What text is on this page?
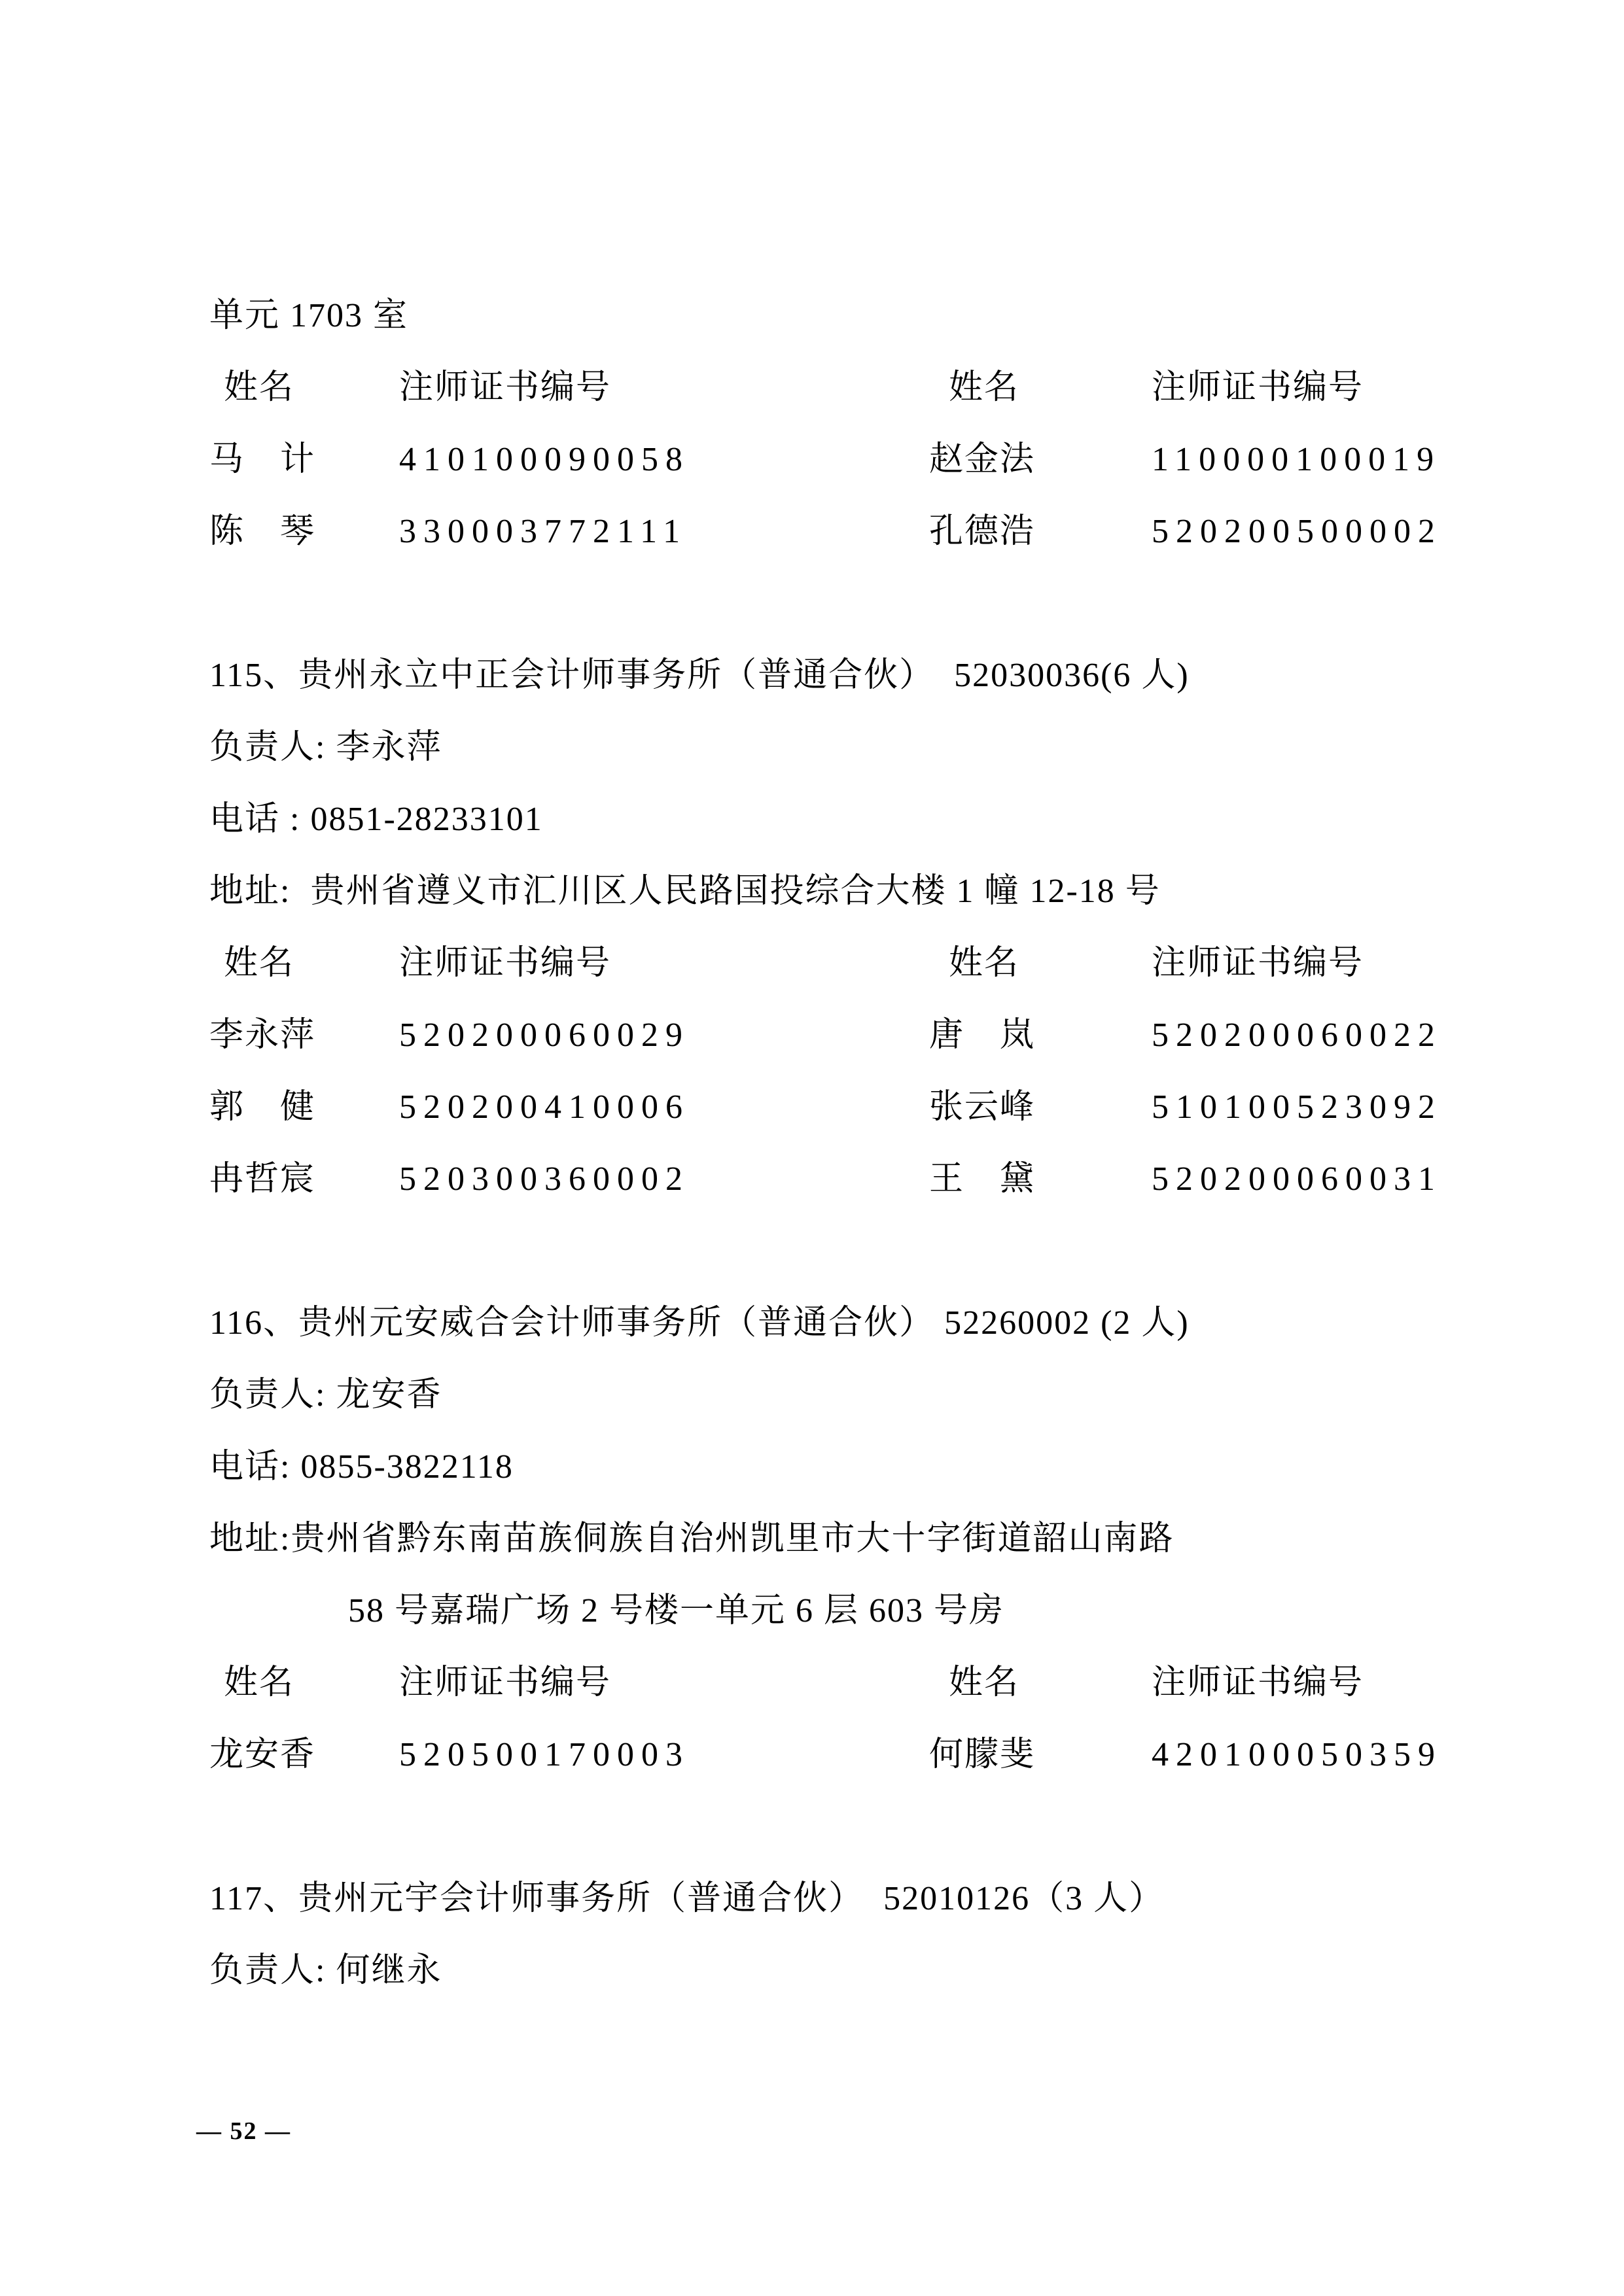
单元 1703 室
姓名	注师证书编号	姓名	注师证书编号
马　计	410100090058	赵金法	110000100019
陈　琴	330003772111	孔德浩	520200500002
115、贵州永立中正会计师事务所（普通合伙）  52030036(6 人)
负责人: 李永萍
电话 : 0851-28233101
地址:  贵州省遵义市汇川区人民路国投综合大楼 1 幢 12-18 号
姓名	注师证书编号	姓名	注师证书编号
李永萍	520200060029	唐　岚	520200060022
郭　健	520200410006	张云峰	510100523092
冉哲宸	520300360002	王　黛	520200060031
116、贵州元安威合会计师事务所（普通合伙） 52260002 (2 人)
负责人: 龙安香
电话: 0855-3822118
地址:贵州省黔东南苗族侗族自治州凯里市大十字街道韶山南路
58 号嘉瑞广场 2 号楼一单元 6 层 603 号房
姓名	注师证书编号	姓名	注师证书编号
龙安香	520500170003	何朦斐	420100050359
117、贵州元宇会计师事务所（普通合伙）  52010126（3 人）
负责人: 何继永
— 52 —
